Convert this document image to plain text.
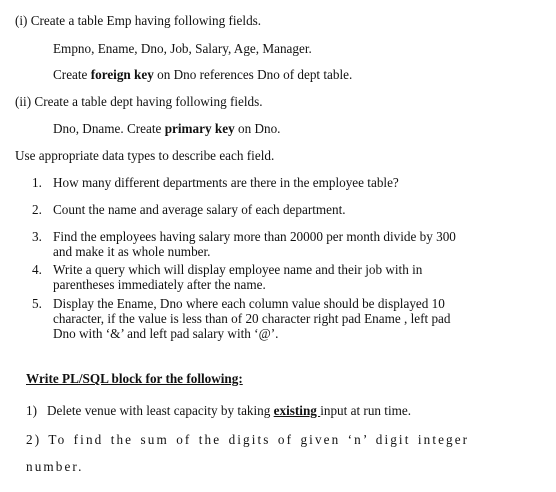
(i) Create a table Emp having following fields.
Empno, Ename, Dno, Job, Salary, Age, Manager.
Create foreign key on Dno references Dno of dept table.
(ii) Create a table dept having following fields.
Dno, Dname. Create primary key on Dno.
Use appropriate data types to describe each field.
1. How many different departments are there in the employee table?
2. Count the name and average salary of each department.
3. Find the employees having salary more than 20000 per month divide by 300
and make it as whole number.
4. Write a query which will display employee name and their job with in
parentheses immediately after the name.
5. Display the Ename, Dno where each column value should be displayed 10
character, if the value is less than of 20 character right pad Ename , left pad
Dno with ‘&’ and left pad salary with ‘@’.
Write PL/SQL block for the following:
1) Delete venue with least capacity by taking existing input at run time.
2) To find the sum of the digits of given ‘n’ digit integer
number.
